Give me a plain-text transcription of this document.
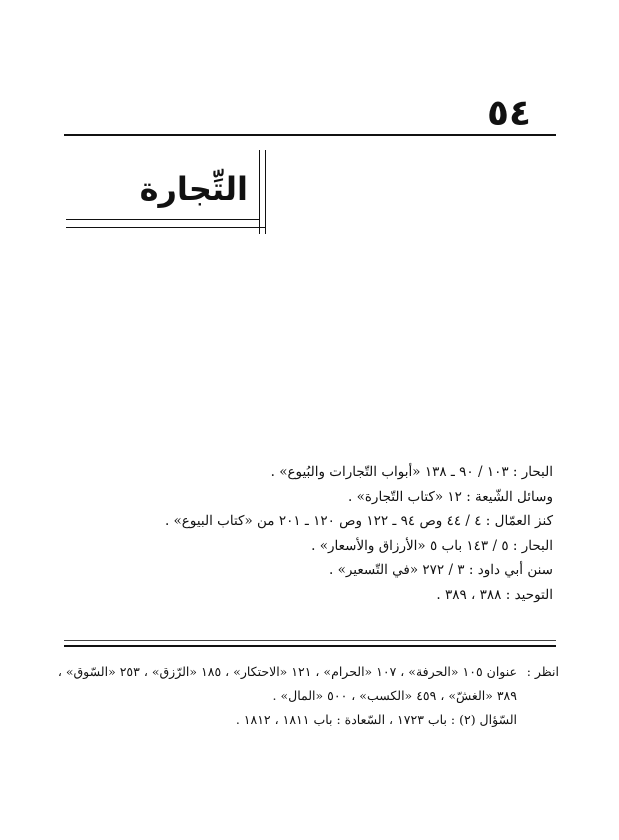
٥٤
التِّجارة
البحار : ١٠٣ / ٩٠ ـ ١٣٨ «أبواب التّجارات والبُيوع» .
وسائل الشّيعة : ١٢ «كتاب التّجارة» .
كنز العمّال : ٤ / ٤٤ وص ٩٤ ـ ١٢٢ وص ١٢٠ ـ ٢٠١ من «كتاب البيوع» .
البحار : ٥ / ١٤٣ باب ٥ «الأرزاق والأسعار» .
سنن أبي داود : ٣ / ٢٧٢ «في التّسعير» .
التوحيد : ٣٨٨ ، ٣٨٩ .
انظر :عنوان ١٠٥ «الحرفة» ، ١٠٧ «الحرام» ، ١٢١ «الاحتكار» ، ١٨٥ «الرّزق» ، ٢٥٣ «السّوق» ،
٣٨٩ «الغشّ» ، ٤٥٩ «الكسب» ، ٥٠٠ «المال» .
السّؤال (٢) : باب ١٧٢٣ ، السّعادة : باب ١٨١١ ، ١٨١٢ .
